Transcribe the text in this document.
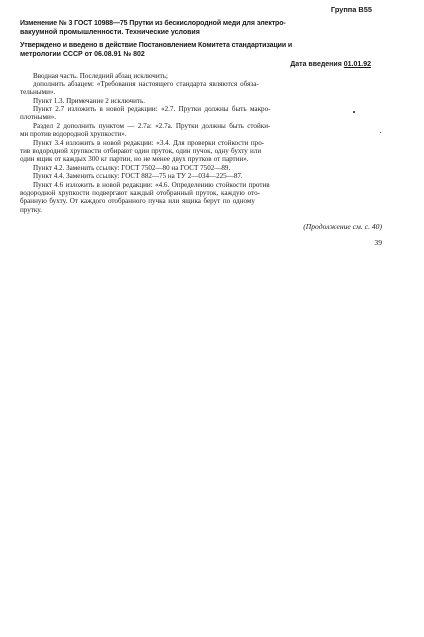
Группа В55
Изменение № 3 ГОСТ 10988—75 Прутки из бескислородной меди для электро-
вакуумной промышленности. Технические условия
Утверждено и введено в действие Постановлением Комитета стандартизации и
метрологии СССР от 06.08.91 № 802
Дата введения 01.01.92
Вводная часть. Последний абзац исключить;
дополнить абзацем: «Требования настоящего стандарта являются обяза-
тельными».
Пункт 1.3. Примечание 2 исключить.
Пункт 2.7 изложить в новой редакции: «2.7. Прутки должны быть макро-
плотными».
Раздел 2 дополнить пунктом — 2.7а: «2.7а. Прутки должны быть стойки-
ми против водородной хрупкости».
Пункт 3.4 изложить в новой редакции: «3.4. Для проверки стойкости про-
тив водородной хрупкости отбирают один пруток, один пучок, одну бухту или
один ящик от каждых 300 кг партии, но не менее двух прутков от партии».
Пункт 4.2. Заменить ссылку: ГОСТ 7502—80 на ГОСТ 7502—89.
Пункт 4.4. Заменить ссылку: ГОСТ 882—75 на ТУ 2—034—225—87.
Пункт 4.6 изложить в новой редакции: «4.6. Определению стойкости против
водородной хрупкости подвергают каждый отобранный пруток, каждую ото-
бранную бухту. От каждого отобранного пучка или ящика берут по одному
прутку.
(Продолжение см. с. 40)
39
